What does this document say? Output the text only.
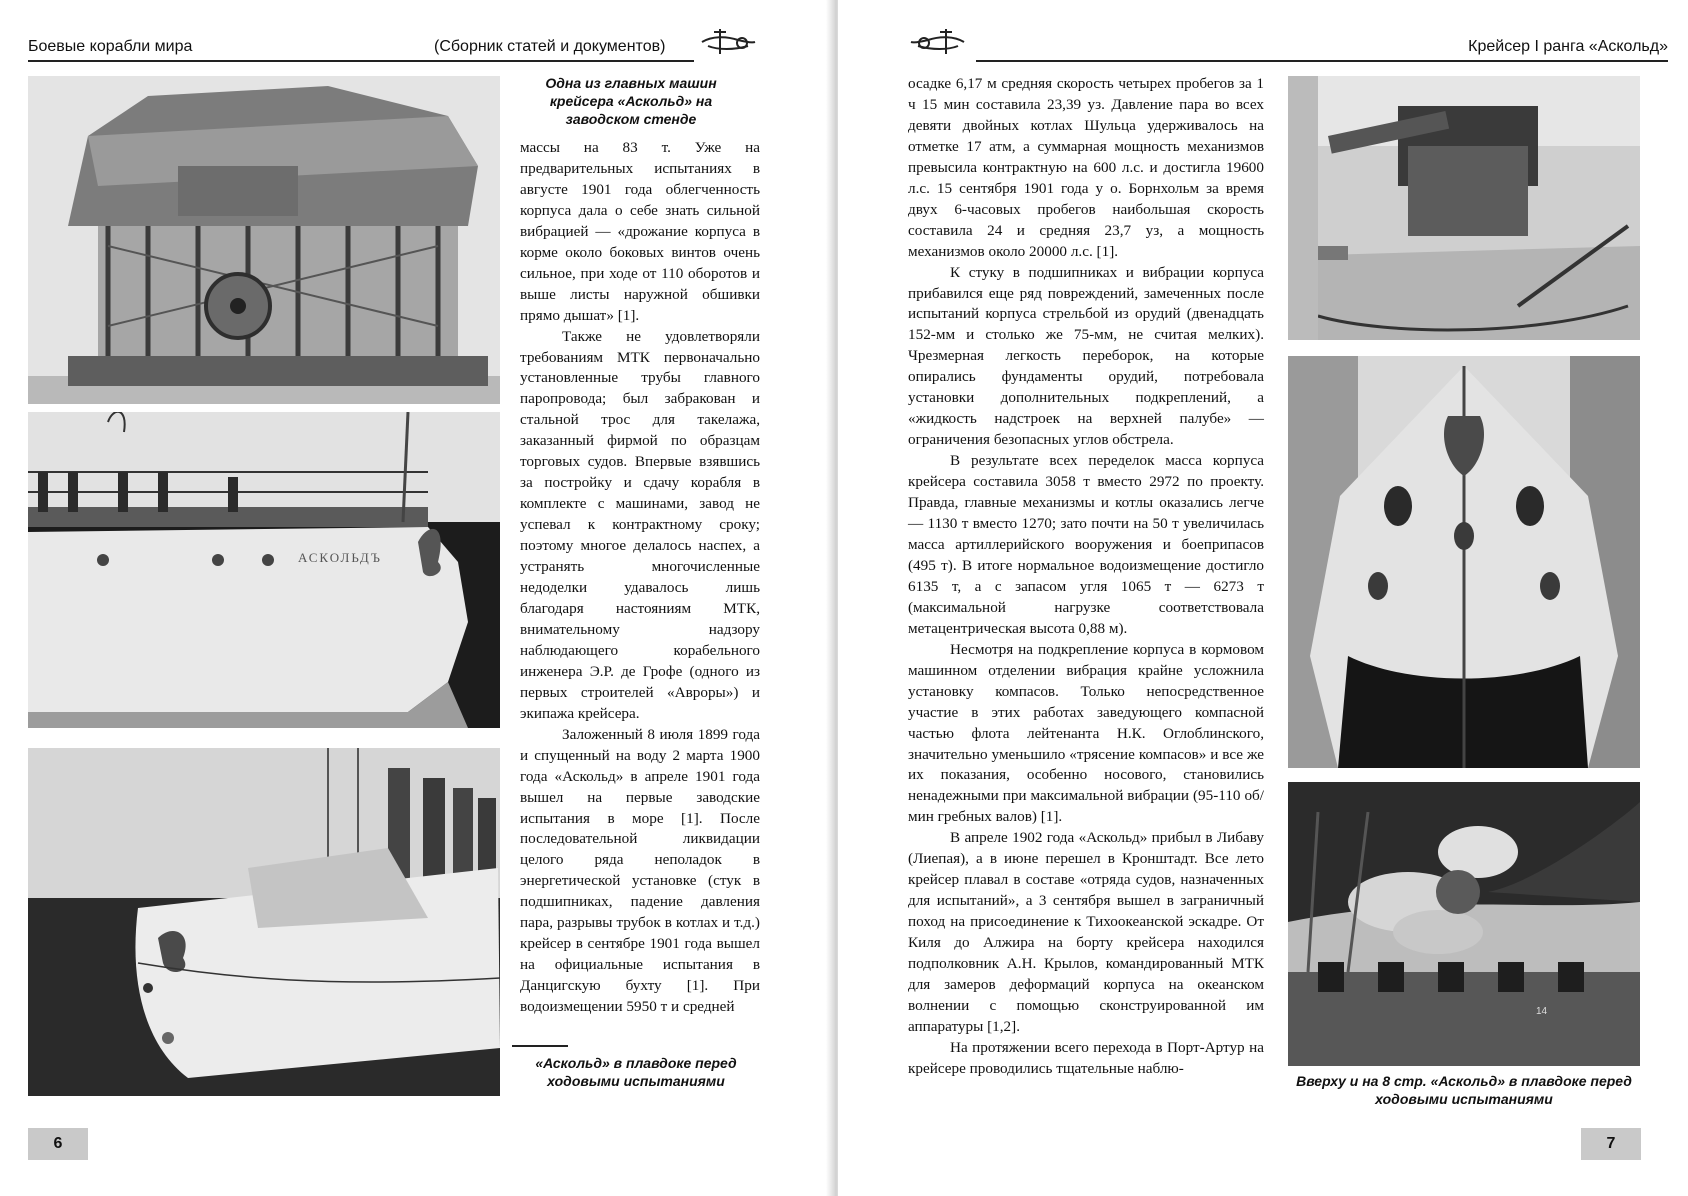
Боевые корабли мира	(Сборник статей и документов)
АСКОЛЬДЪ
Одна из главных машин крейсера «Аскольд» на заводском стенде

массы на 83 т. Уже на предварительных испытаниях в августе 1901 года облегченность корпуса дала о себе знать сильной вибрацией — «дрожание корпуса в корме около боковых винтов очень сильное, при ходе от 110 оборотов и выше листы наружной обшивки прямо дышат» [1].

Также не удовлетворяли требованиям МТК первоначально установленные трубы главного паропровода; был забракован и стальной трос для такелажа, заказанный фирмой по образцам торговых судов. Впервые взявшись за постройку и сдачу корабля в комплекте с машинами, завод не успевал к контрактному сроку; поэтому многое делалось наспех, а устранять многочисленные недоделки удавалось лишь благодаря настояниям МТК, внимательному надзору наблюдающего корабельного инженера Э.Р. де Грофе (одного из первых строителей «Авроры») и экипажа крейсера.

Заложенный 8 июля 1899 года и спущенный на воду 2 марта 1900 года «Аскольд» в апреле 1901 года вышел на первые заводские испытания в море [1]. После последовательной ликвидации целого ряда неполадок в энергетической установке (стук в подшипниках, падение давления пара, разрывы трубок в котлах и т.д.) крейсер в сентябре 1901 года вышел на официальные испытания в Данцигскую бухту [1]. При водоизмещении 5950 т и средней

«Аскольд» в плавдоке перед ходовыми испытаниями
6
Крейсер I ранга «Аскольд»

осадке 6,17 м средняя скорость четырех пробегов за 1 ч 15 мин составила 23,39 уз. Давление пара во всех девяти двойных котлах Шульца удерживалось на отметке 17 атм, а суммарная мощность механизмов превысила контрактную на 600 л.с. и достигла 19600 л.с. 15 сентября 1901 года у о. Борнхольм за время двух 6-часовых пробегов наибольшая скорость составила 24 и средняя 23,7 уз, а мощность механизмов около 20000 л.с. [1].

К стуку в подшипниках и вибрации корпуса прибавился еще ряд повреждений, замеченных после испытаний корпуса стрельбой из орудий (двенадцать 152-мм и столько же 75-мм, не считая мелких). Чрезмерная легкость переборок, на которые опирались фундаменты орудий, потребовала установки дополнительных подкреплений, а «жидкость надстроек на верхней палубе» — ограничения безопасных углов обстрела.

В результате всех переделок масса корпуса крейсера составила 3058 т вместо 2972 по проекту. Правда, главные механизмы и котлы оказались легче — 1130 т вместо 1270; зато почти на 50 т увеличилась масса артиллерийского вооружения и боеприпасов (495 т). В итоге нормальное водоизмещение достигло 6135 т, а с запасом угля 1065 т — 6273 т (максимальной нагрузке соответствовала метацентрическая высота 0,88 м).

Несмотря на подкрепление корпуса в кормовом машинном отделении вибрация крайне усложнила установку компасов. Только непосредственное участие в этих работах заведующего компасной частью флота лейтенанта Н.К. Оглоблинского, значительно уменьшило «трясение компасов» и все же их показания, особенно носового, становились ненадежными при максимальной вибрации (95-110 об/мин гребных валов) [1].

В апреле 1902 года «Аскольд» прибыл в Либаву (Лиепая), а в июне перешел в Кронштадт. Все лето крейсер плавал в составе «отряда судов, назначенных для испытаний», а 3 сентября вышел в заграничный поход на присоединение к Тихоокеанской эскадре. От Киля до Алжира на борту крейсера находился подполковник А.Н. Крылов, командированный МТК для замеров деформаций корпуса на океанском волнении с помощью сконструированной им аппаратуры [1,2].

На протяжении всего перехода в Порт-Артур на крейсере проводились тщательные наблю-

14
Вверху и на 8 стр. «Аскольд» в плавдоке перед ходовыми испытаниями
7
